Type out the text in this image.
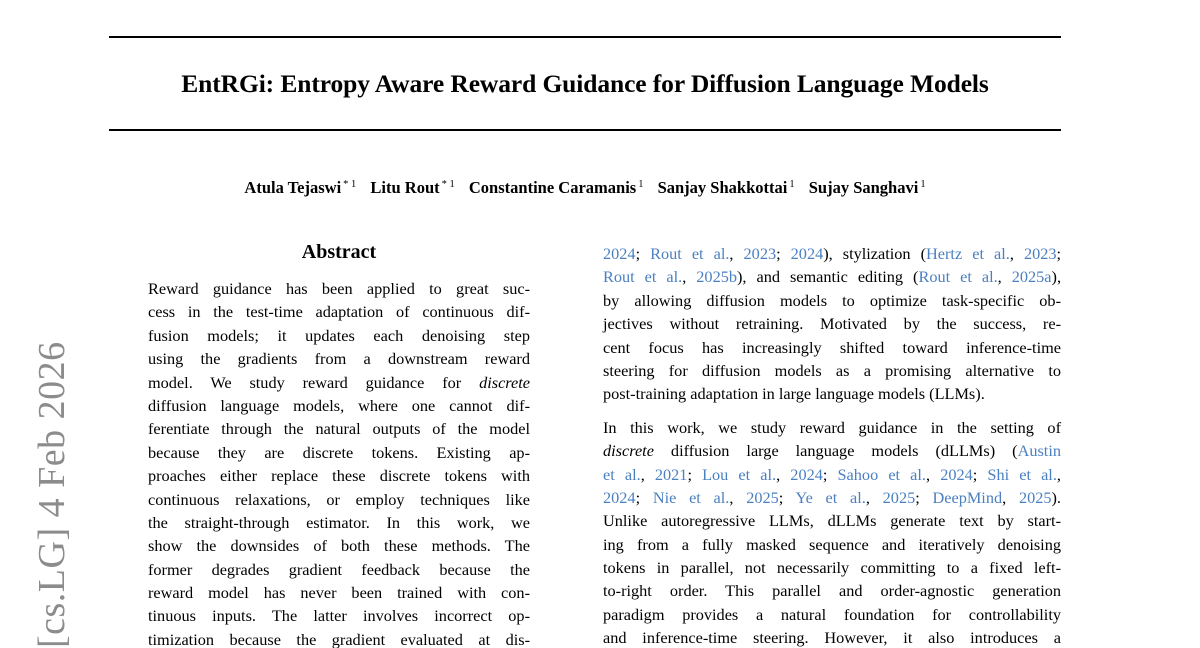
EntRGi: Entropy Aware Reward Guidance for Diffusion Language Models
Atula Tejaswi $^{* 1}$ Litu Rout $^{* 1}$ Constantine Caramanis $^1$ Sanjay Shakkottai $^1$ Sujay Sanghavi $^1$
[cs.LG] 4 Feb 2026
Abstract
Reward guidance has been applied to great suc-
cess in the test-time adaptation of continuous dif-
fusion models; it updates each denoising step
using the gradients from a downstream reward
model. We study reward guidance for discrete
diffusion language models, where one cannot dif-
ferentiate through the natural outputs of the model
because they are discrete tokens. Existing ap-
proaches either replace these discrete tokens with
continuous relaxations, or employ techniques like
the straight-through estimator. In this work, we
show the downsides of both these methods. The
former degrades gradient feedback because the
reward model has never been trained with con-
tinuous inputs. The latter involves incorrect op-
timization because the gradient evaluated at dis-
2024; Rout et al., 2023; 2024), stylization (Hertz et al., 2023;
Rout et al., 2025b), and semantic editing (Rout et al., 2025a),
by allowing diffusion models to optimize task-specific ob-
jectives without retraining. Motivated by the success, re-
cent focus has increasingly shifted toward inference-time
steering for diffusion models as a promising alternative to
post-training adaptation in large language models (LLMs).
In this work, we study reward guidance in the setting of
discrete diffusion large language models (dLLMs) (Austin
et al., 2021; Lou et al., 2024; Sahoo et al., 2024; Shi et al.,
2024; Nie et al., 2025; Ye et al., 2025; DeepMind, 2025).
Unlike autoregressive LLMs, dLLMs generate text by start-
ing from a fully masked sequence and iteratively denoising
tokens in parallel, not necessarily committing to a fixed left-
to-right order. This parallel and order-agnostic generation
paradigm provides a natural foundation for controllability
and inference-time steering. However, it also introduces a
